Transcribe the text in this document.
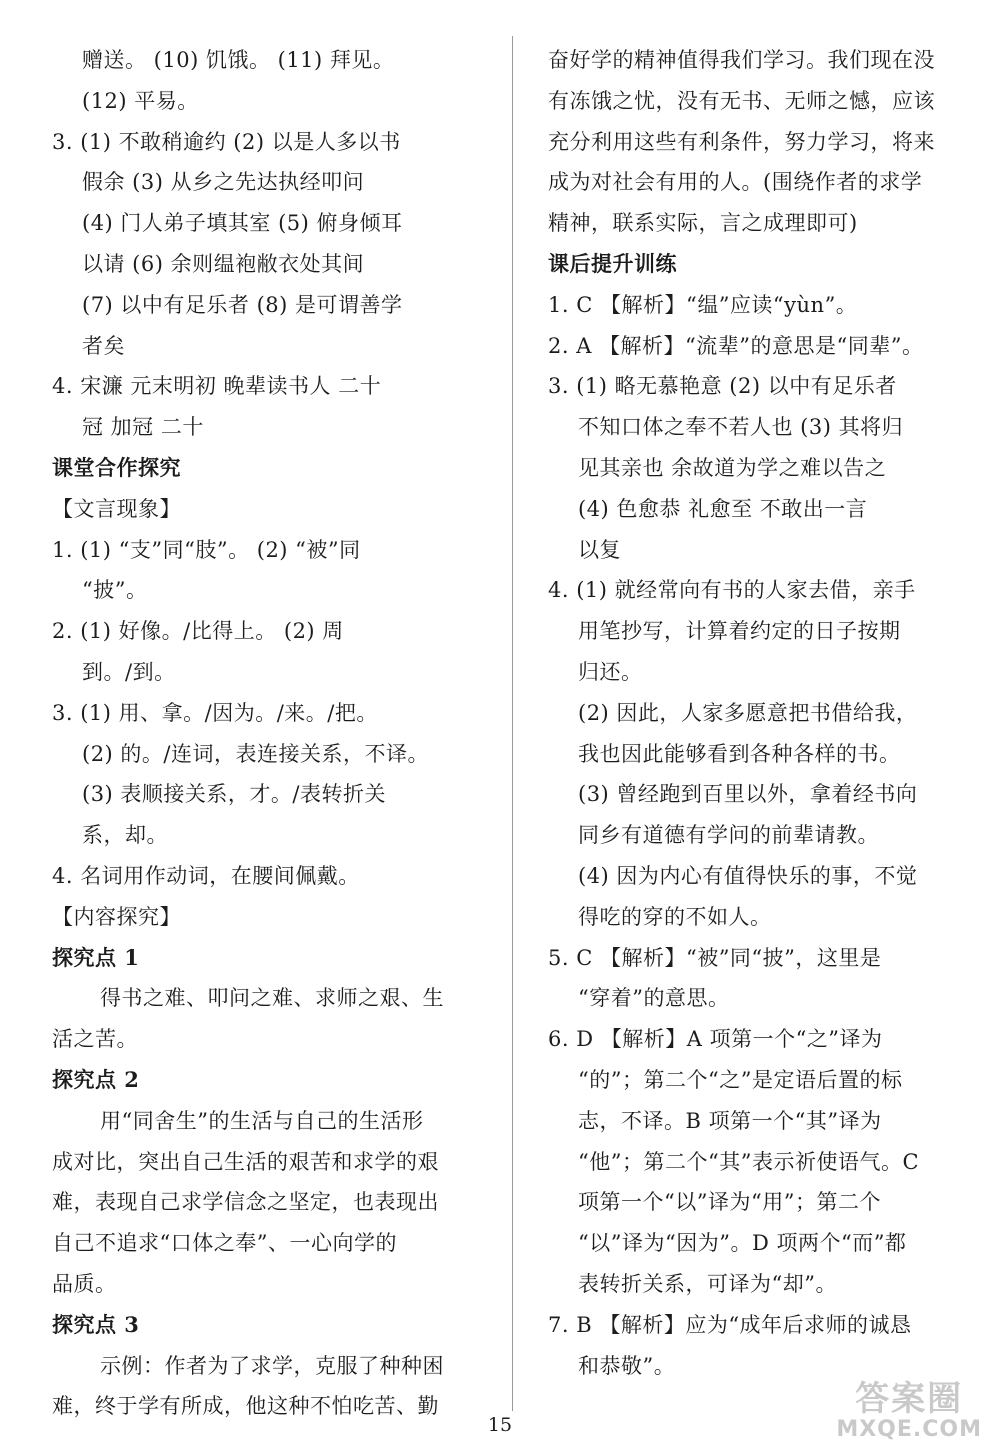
赠送。 (10) 饥饿。 (11) 拜见。
(12) 平易。
3. (1) 不敢稍逾约 (2) 以是人多以书
假余 (3) 从乡之先达执经叩问
(4) 门人弟子填其室 (5) 俯身倾耳
以请 (6) 余则缊袍敝衣处其间
(7) 以中有足乐者 (8) 是可谓善学
者矣
4. 宋濂 元末明初 晚辈读书人 二十
冠 加冠 二十
课堂合作探究
【文言现象】
1. (1) “支”同“肢”。 (2) “被”同
“披”。
2. (1) 好像。/比得上。 (2) 周
到。/到。
3. (1) 用、拿。/因为。/来。/把。
(2) 的。/连词，表连接关系，不译。
(3) 表顺接关系，才。/表转折关
系，却。
4. 名词用作动词，在腰间佩戴。
【内容探究】
探究点 1
得书之难、叩问之难、求师之艰、生
活之苦。
探究点 2
用“同舍生”的生活与自己的生活形
成对比，突出自己生活的艰苦和求学的艰
难，表现自己求学信念之坚定，也表现出
自己不追求“口体之奉”、一心向学的
品质。
探究点 3
示例：作者为了求学，克服了种种困
难，终于学有所成，他这种不怕吃苦、勤
奋好学的精神值得我们学习。我们现在没
有冻饿之忧，没有无书、无师之憾，应该
充分利用这些有利条件，努力学习，将来
成为对社会有用的人。(围绕作者的求学
精神，联系实际，言之成理即可)
课后提升训练
1. C 【解析】“缊”应读“yùn”。
2. A 【解析】“流辈”的意思是“同辈”。
3. (1) 略无慕艳意 (2) 以中有足乐者
不知口体之奉不若人也 (3) 其将归
见其亲也 余故道为学之难以告之
(4) 色愈恭 礼愈至 不敢出一言
以复
4. (1) 就经常向有书的人家去借，亲手
用笔抄写，计算着约定的日子按期
归还。
(2) 因此，人家多愿意把书借给我，
我也因此能够看到各种各样的书。
(3) 曾经跑到百里以外，拿着经书向
同乡有道德有学问的前辈请教。
(4) 因为内心有值得快乐的事，不觉
得吃的穿的不如人。
5. C 【解析】“被”同“披”，这里是
“穿着”的意思。
6. D 【解析】A 项第一个“之”译为
“的”；第二个“之”是定语后置的标
志，不译。B 项第一个“其”译为
“他”；第二个“其”表示祈使语气。C
项第一个“以”译为“用”；第二个
“以”译为“因为”。D 项两个“而”都
表转折关系，可译为“却”。
7. B 【解析】应为“成年后求师的诚恳
和恭敬”。
15
答案圈
MXQE.COM
